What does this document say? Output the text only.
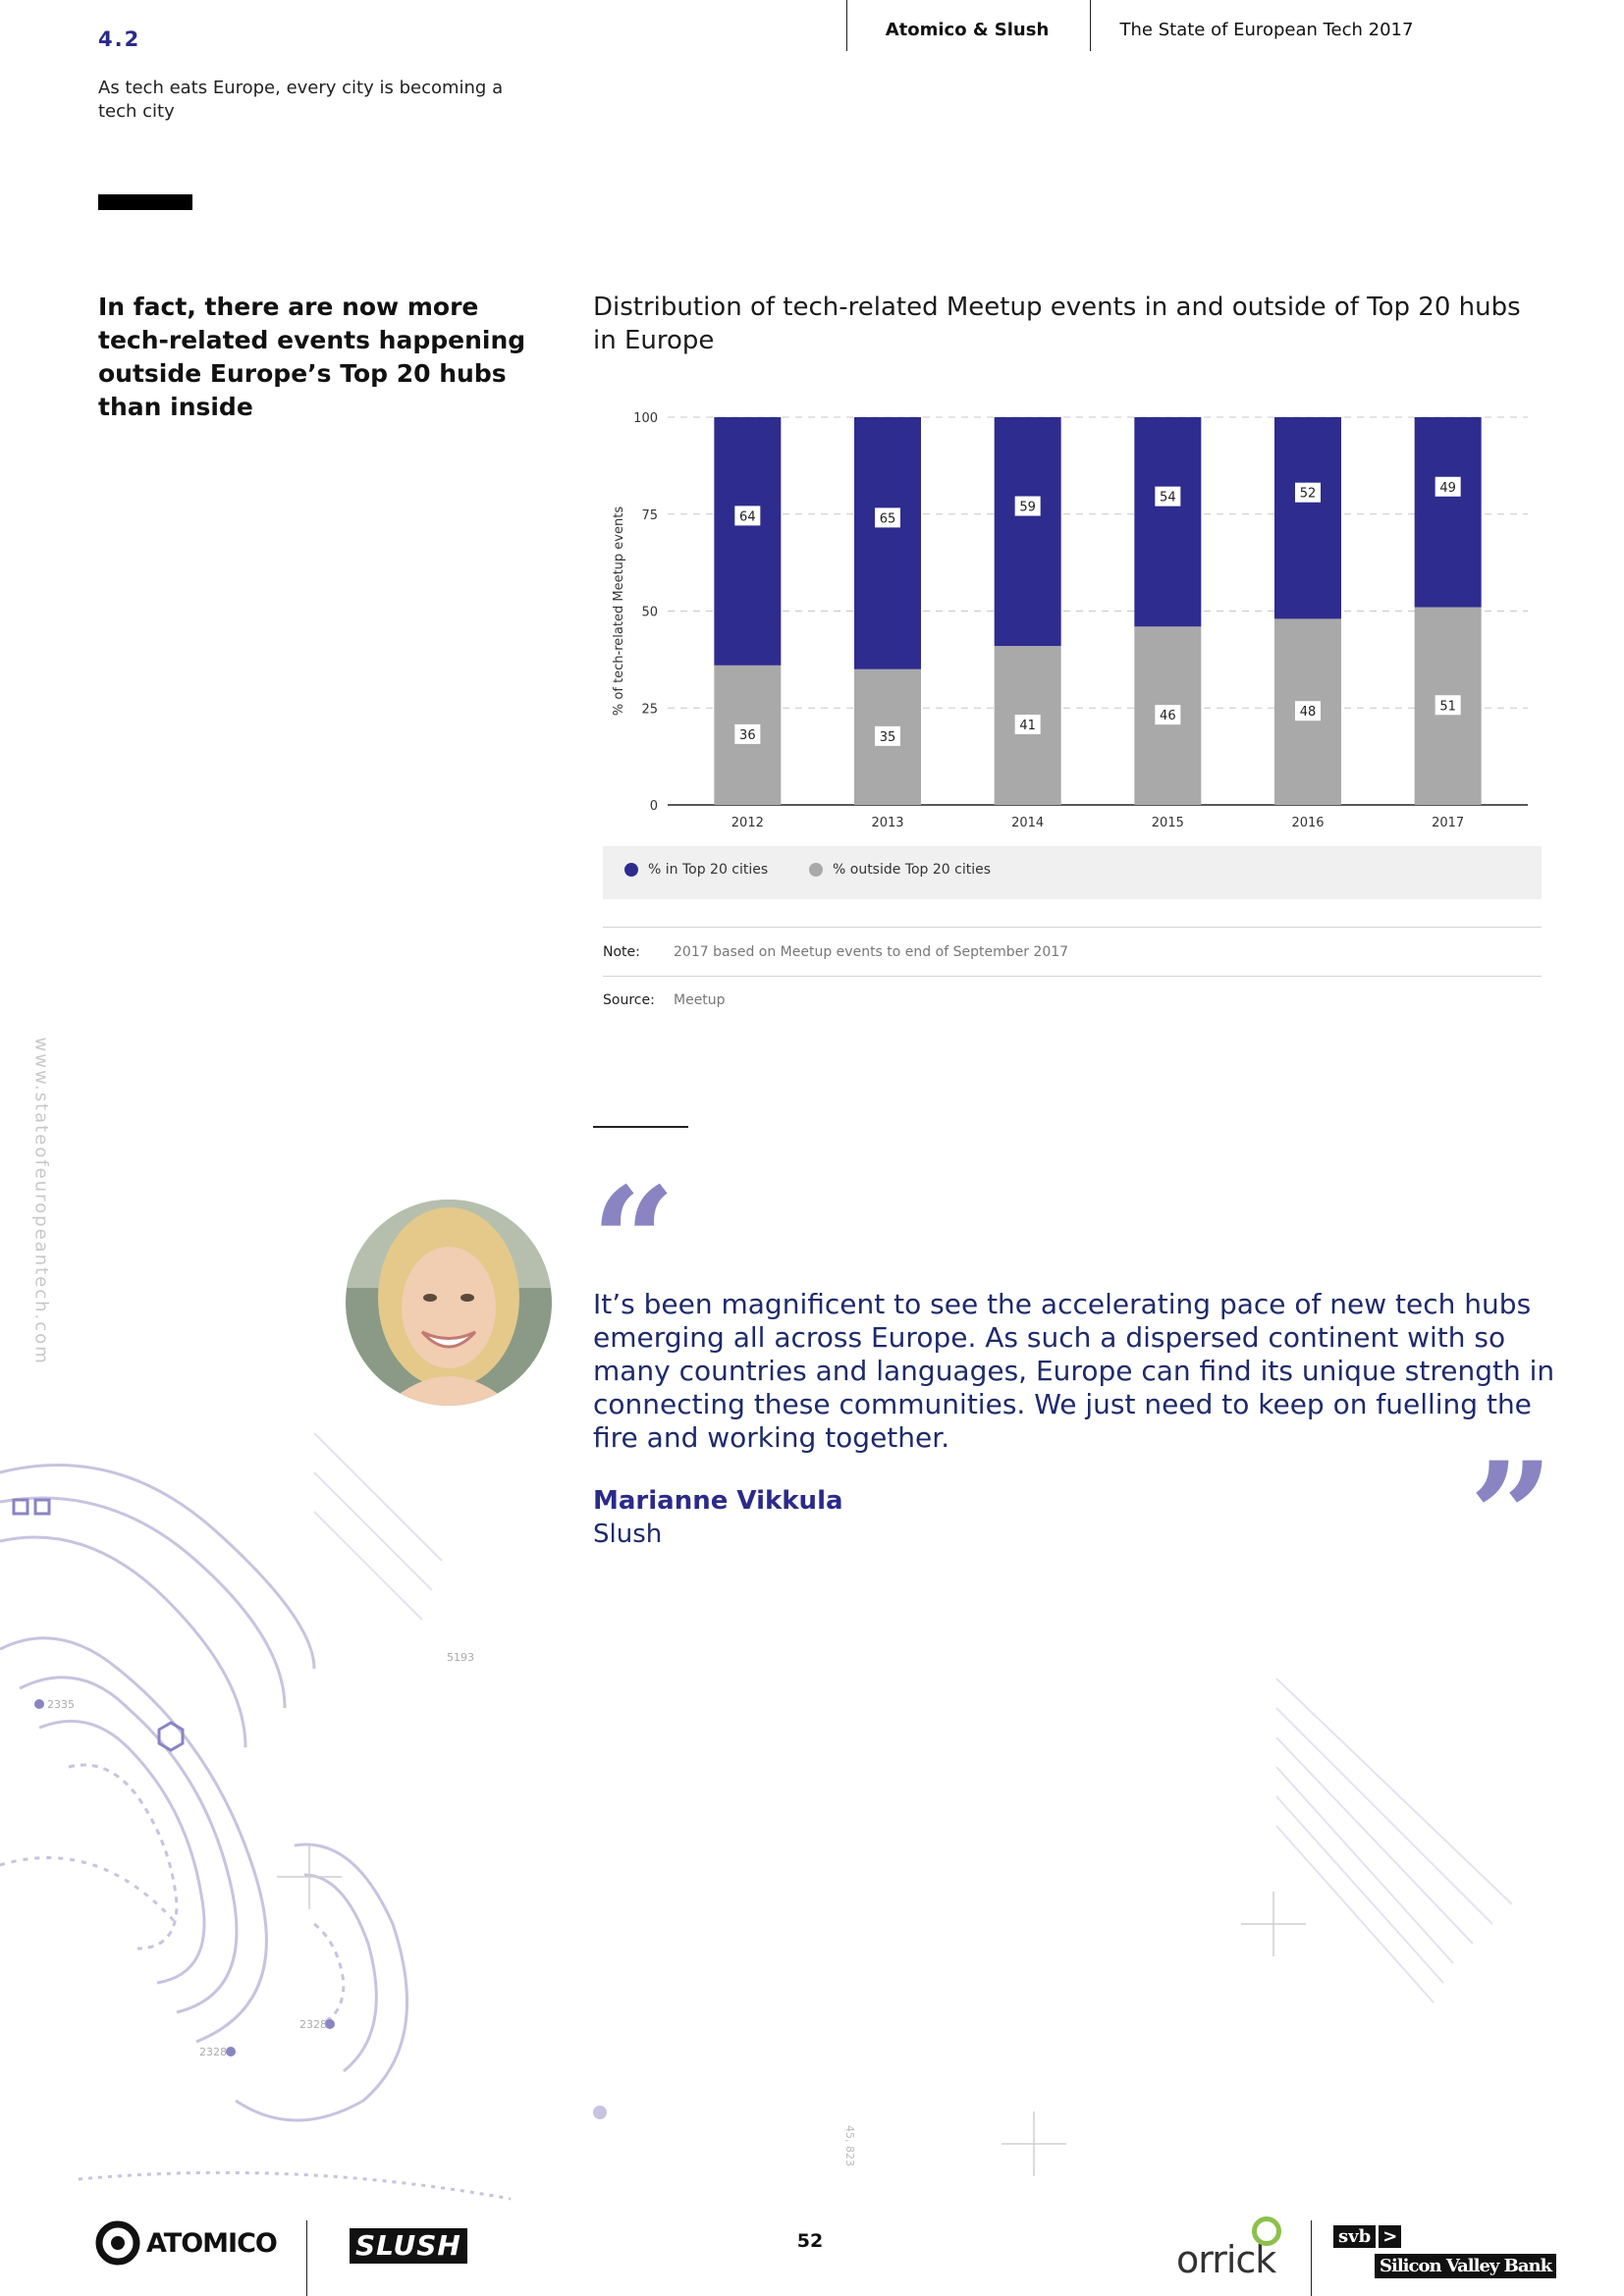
4.2
As tech eats Europe, every city is becoming a tech city
Atomico & Slush	The State of European Tech 2017
In fact, there are now more tech-related events happening outside Europe’s Top 20 hubs than inside
Distribution of tech-related Meetup events in and outside of Top 20 hubs in Europe
0
25
50
75
100
% of tech-related Meetup events
36
64
2012
35
65
2013
41
59
2014
46
54
2015
48
52
2016
51
49
2017
% in Top 20 cities	% outside Top 20 cities
Note: 2017 based on Meetup events to end of September 2017
Source: Meetup
“
It’s been magnificent to see the accelerating pace of new tech hubs emerging all across Europe. As such a dispersed continent with so many countries and languages, Europe can find its unique strength in connecting these communities. We just need to keep on fuelling the fire and working together.
Marianne Vikkula
Slush	”
www.stateofeuropeantech.com
5193
2335
2328
2328
45, 823
ATOMICO	SLUSH	52	orrick
svb >
Silicon Valley Bank
